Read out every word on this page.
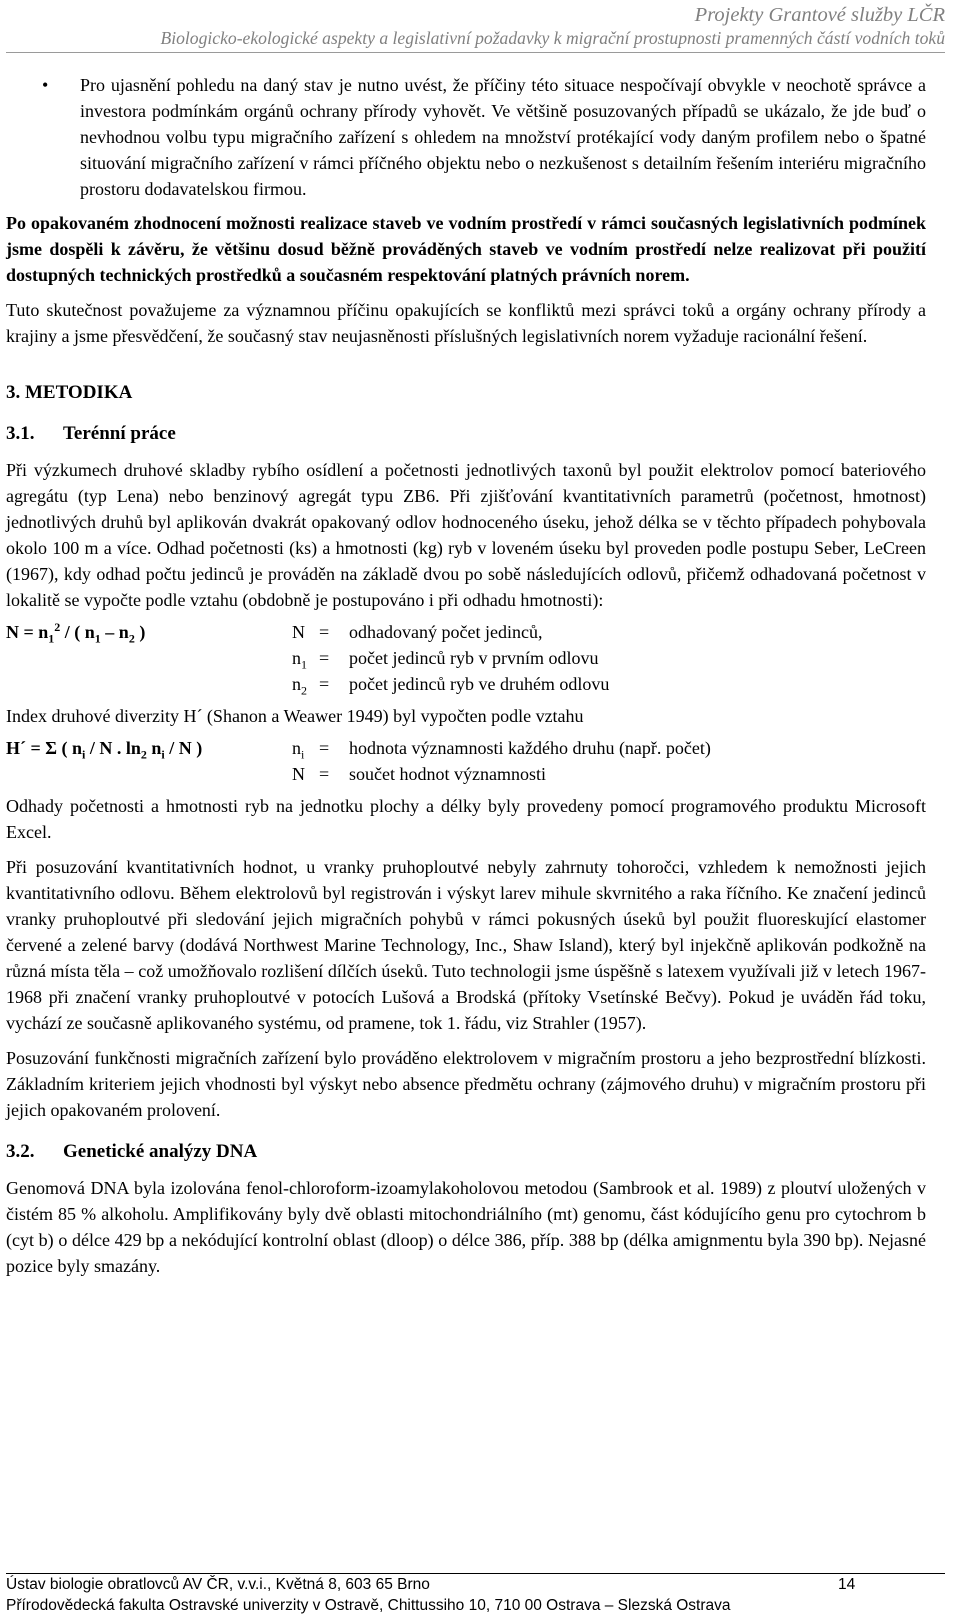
Projekty Grantové služby LČR
Biologicko-ekologické aspekty a legislativní požadavky k migrační prostupnosti pramenných částí vodních toků

• Pro ujasnění pohledu na daný stav je nutno uvést, že příčiny této situace nespočívají obvykle v neochotě správce a investora podmínkám orgánů ochrany přírody vyhovět. Ve většině posuzovaných případů se ukázalo, že jde buď o nevhodnou volbu typu migračního zařízení s ohledem na množství protékající vody daným profilem nebo o špatné situování migračního zařízení v rámci příčného objektu nebo o nezkušenost s detailním řešením interiéru migračního prostoru dodavatelskou firmou.

Po opakovaném zhodnocení možnosti realizace staveb ve vodním prostředí v rámci současných legislativních podmínek jsme dospěli k závěru, že většinu dosud běžně prováděných staveb ve vodním prostředí nelze realizovat při použití dostupných technických prostředků a současném respektování platných právních norem.

Tuto skutečnost považujeme za významnou příčinu opakujících se konfliktů mezi správci toků a orgány ochrany přírody a krajiny a jsme přesvědčení, že současný stav neujasněnosti příslušných legislativních norem vyžaduje racionální řešení.

3. METODIKA
3.1. Terénní práce

Při výzkumech druhové skladby rybího osídlení a početnosti jednotlivých taxonů byl použit elektrolov pomocí bateriového agregátu (typ Lena) nebo benzinový agregát typu ZB6. Při zjišťování kvantitativních parametrů (početnost, hmotnost) jednotlivých druhů byl aplikován dvakrát opakovaný odlov hodnoceného úseku, jehož délka se v těchto případech pohybovala okolo 100 m a více. Odhad početnosti (ks) a hmotnosti (kg) ryb v loveném úseku byl proveden podle postupu Seber, LeCreen (1967), kdy odhad počtu jedinců je prováděn na základě dvou po sobě následujících odlovů, přičemž odhadovaná početnost v lokalitě se vypočte podle vztahu (obdobně je postupováno i při odhadu hmotnosti):

$N = n_1^2$ / ( $n_1 - n_2$ )	N = odhadovaný počet jedinců,
$n_1$ = počet jedinců ryb v prvním odlovu
$n_2$ = počet jedinců ryb ve druhém odlovu

Index druhové diverzity H´ (Shanon a Weawer 1949) byl vypočten podle vztahu

H´ = Σ ( $n_i$ / N . $\ln_2 n_i$ / N )	$n_i$ = hodnota významnosti každého druhu (např. počet)
N = součet hodnot významnosti

Odhady početnosti a hmotnosti ryb na jednotku plochy a délky byly provedeny pomocí programového produktu Microsoft Excel.

Při posuzování kvantitativních hodnot, u vranky pruhoploutvé nebyly zahrnuty tohoročci, vzhledem k nemožnosti jejich kvantitativního odlovu. Během elektrolovů byl registrován i výskyt larev mihule skvrnitého a raka říčního. Ke značení jedinců vranky pruhoploutvé při sledování jejich migračních pohybů v rámci pokusných úseků byl použit fluoreskující elastomer červené a zelené barvy (dodává Northwest Marine Technology, Inc., Shaw Island), který byl injekčně aplikován podkožně na různá místa těla – což umožňovalo rozlišení dílčích úseků. Tuto technologii jsme úspěšně s latexem využívali již v letech 1967-1968 při značení vranky pruhoploutvé v potocích Lušová a Brodská (přítoky Vsetínské Bečvy). Pokud je uváděn řád toku, vychází ze současně aplikovaného systému, od pramene, tok 1. řádu, viz Strahler (1957).

Posuzování funkčnosti migračních zařízení bylo prováděno elektrolovem v migračním prostoru a jeho bezprostřední blízkosti. Základním kriteriem jejich vhodnosti byl výskyt nebo absence předmětu ochrany (zájmového druhu) v migračním prostoru při jejich opakovaném prolovení.

3.2. Genetické analýzy DNA

Genomová DNA byla izolována fenol-chloroform-izoamylakoholovou metodou (Sambrook et al. 1989) z ploutví uložených v čistém 85 % alkoholu. Amplifikovány byly dvě oblasti mitochondriálního (mt) genomu, část kódujícího genu pro cytochrom b (cyt b) o délce 429 bp a nekódující kontrolní oblast (dloop) o délce 386, příp. 388 bp (délka amignmentu byla 390 bp). Nejasné pozice byly smazány.

Ústav biologie obratlovců AV ČR, v.v.i., Květná 8, 603 65 Brno	14
Přírodovědecká fakulta Ostravské univerzity v Ostravě, Chittussiho 10, 710 00 Ostrava – Slezská Ostrava
